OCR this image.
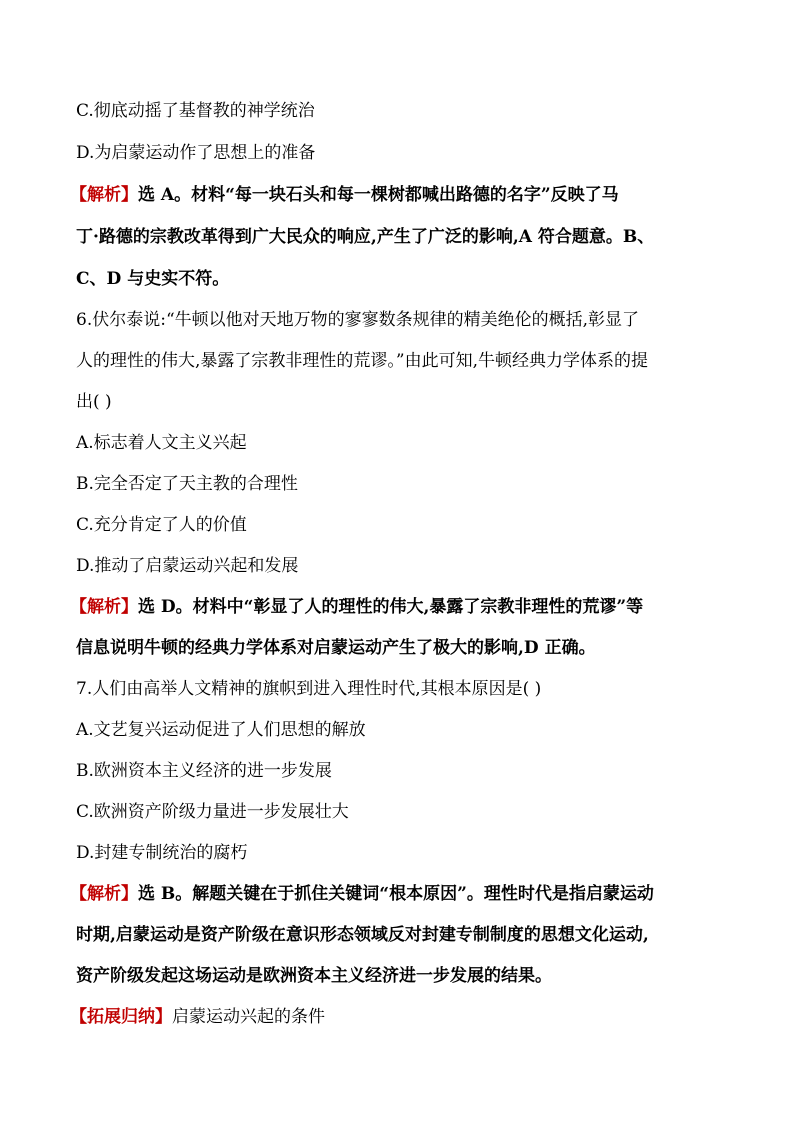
C.彻底动摇了基督教的神学统治

D.为启蒙运动作了思想上的准备

【解析】选 A。材料“每一块石头和每一棵树都喊出路德的名字”反映了马

丁·路德的宗教改革得到广大民众的响应,产生了广泛的影响,A 符合题意。B、

C、D 与史实不符。

6.伏尔泰说:“牛顿以他对天地万物的寥寥数条规律的精美绝伦的概括,彰显了

人的理性的伟大,暴露了宗教非理性的荒谬。”由此可知,牛顿经典力学体系的提

出( )

A.标志着人文主义兴起

B.完全否定了天主教的合理性

C.充分肯定了人的价值

D.推动了启蒙运动兴起和发展

【解析】选 D。材料中“彰显了人的理性的伟大,暴露了宗教非理性的荒谬”等

信息说明牛顿的经典力学体系对启蒙运动产生了极大的影响,D 正确。

7.人们由高举人文精神的旗帜到进入理性时代,其根本原因是( )

A.文艺复兴运动促进了人们思想的解放

B.欧洲资本主义经济的进一步发展

C.欧洲资产阶级力量进一步发展壮大

D.封建专制统治的腐朽

【解析】选 B。解题关键在于抓住关键词“根本原因”。理性时代是指启蒙运动

时期,启蒙运动是资产阶级在意识形态领域反对封建专制制度的思想文化运动,

资产阶级发起这场运动是欧洲资本主义经济进一步发展的结果。

【拓展归纳】启蒙运动兴起的条件
